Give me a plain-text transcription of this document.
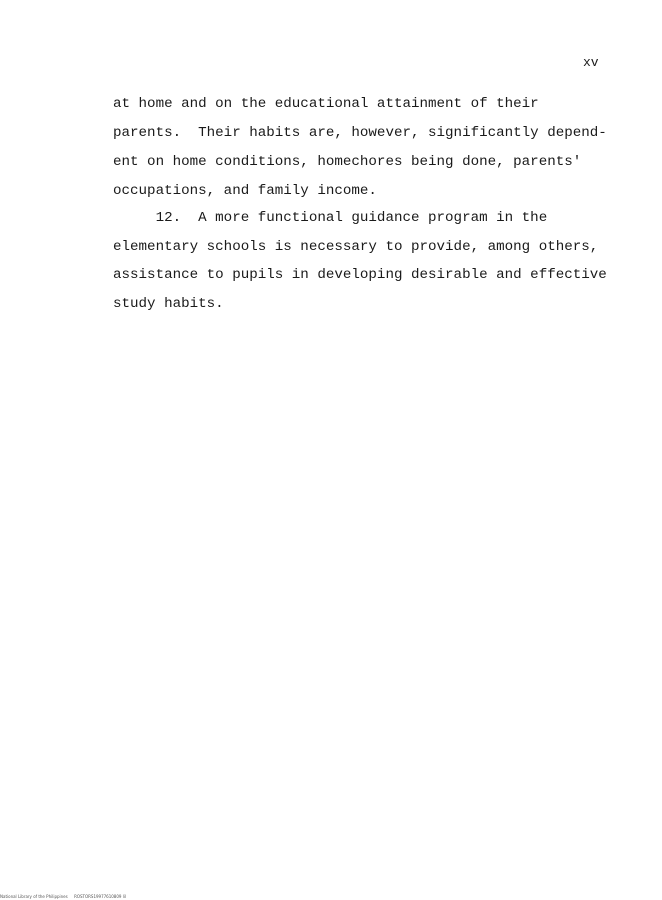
xv
at home and on the educational attainment of their
parents.  Their habits are, however, significantly depend-
ent on home conditions, homechores being done, parents'
occupations, and family income.
12.  A more functional guidance program in the
elementary schools is necessary to provide, among others,
assistance to pupils in developing desirable and effective
study habits.
National Library of the Philippines     ROSTORS19977610809 lil
